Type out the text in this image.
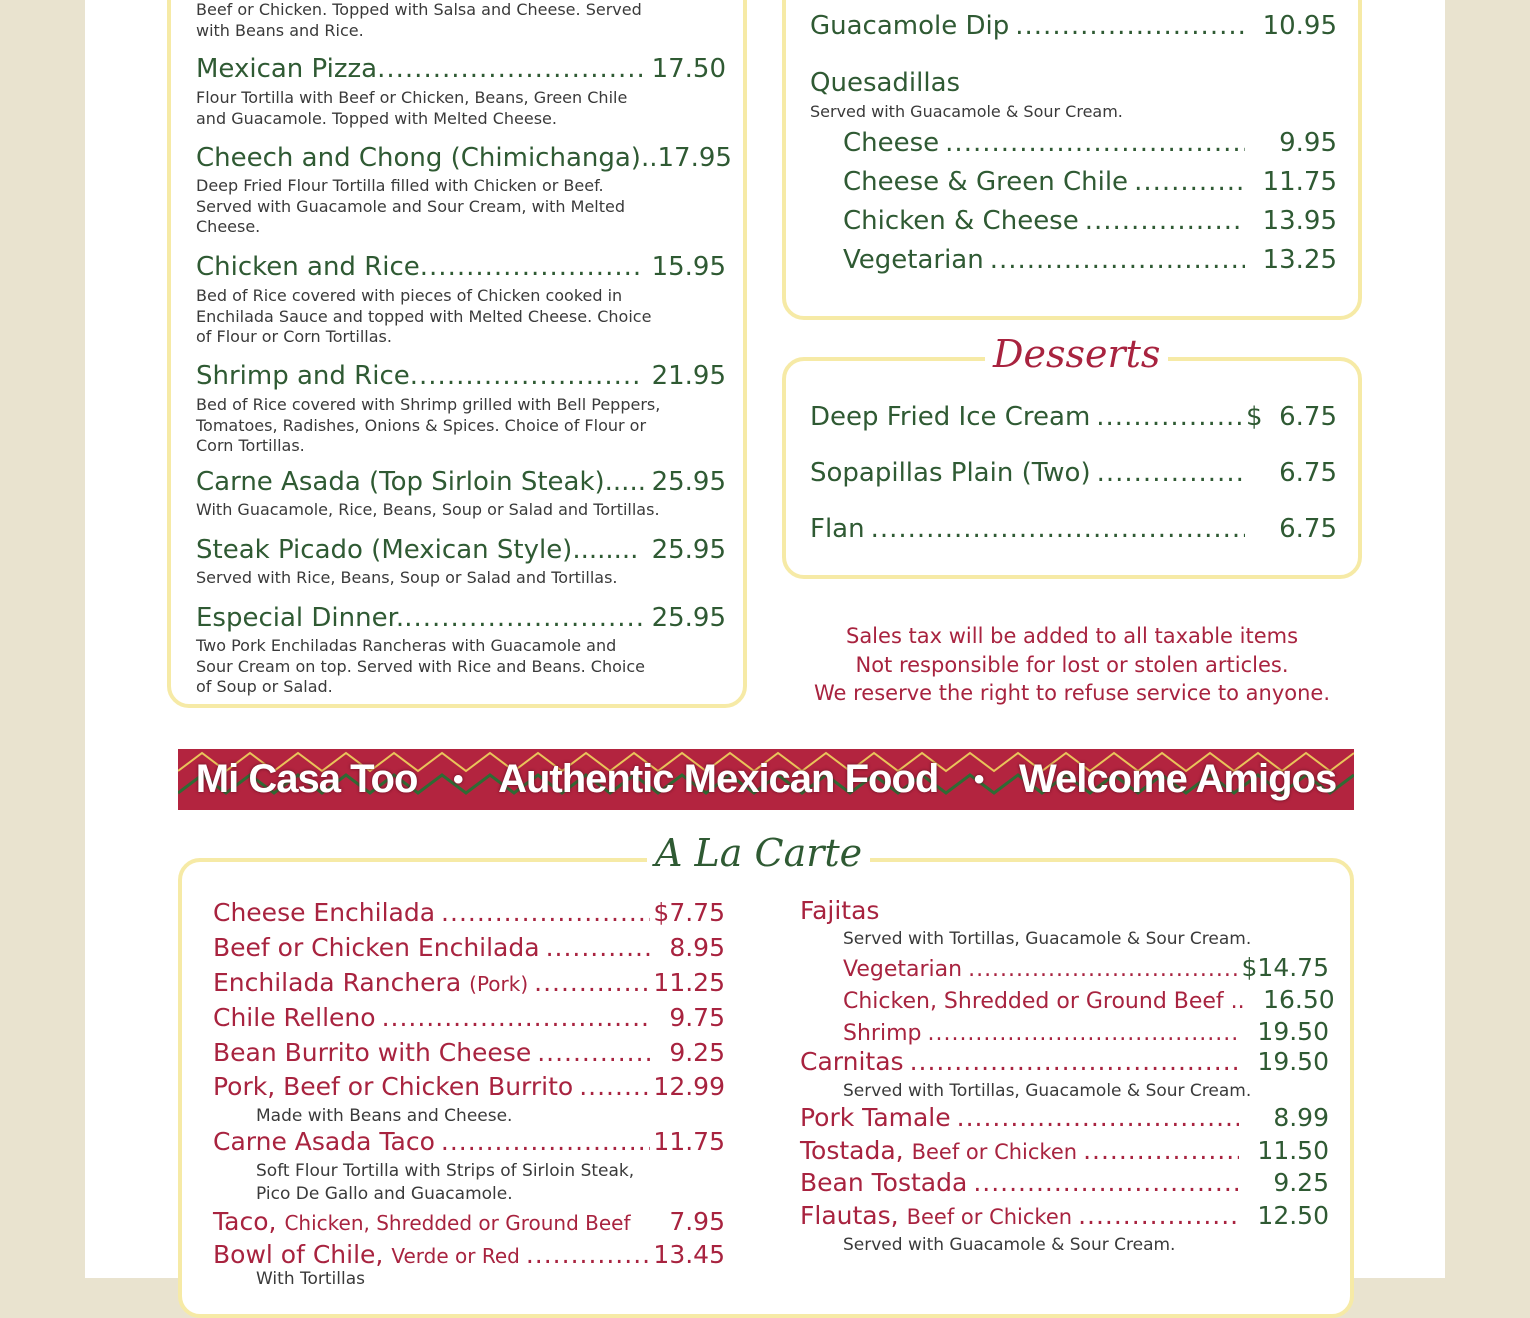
Beef or Chicken. Topped with Salsa and Cheese. Served
with Beans and Rice.
Mexican Pizza .....	17.50
Flour Tortilla with Beef or Chicken, Beans, Green Chile
and Guacamole. Topped with Melted Cheese.
Cheech and Chong (Chimichanga).. 17.95
Deep Fried Flour Tortilla filled with Chicken or Beef.
Served with Guacamole and Sour Cream, with Melted
Cheese.
Chicken and Rice .....	15.95
Bed of Rice covered with pieces of Chicken cooked in
Enchilada Sauce and topped with Melted Cheese. Choice
of Flour or Corn Tortillas.
Shrimp and Rice .....	21.95
Bed of Rice covered with Shrimp grilled with Bell Peppers,
Tomatoes, Radishes, Onions & Spices. Choice of Flour or
Corn Tortillas.
Carne Asada (Top Sirloin Steak)..... 25.95
With Guacamole, Rice, Beans, Soup or Salad and Tortillas.
Steak Picado (Mexican Style)........ 25.95
Served with Rice, Beans, Soup or Salad and Tortillas.
Especial Dinner. .....	25.95
Two Pork Enchiladas Rancheras with Guacamole and
Sour Cream on top. Served with Rice and Beans. Choice
of Soup or Salad.
Guacamole Dip .....	10.95
Quesadillas
Served with Guacamole & Sour Cream.
Cheese .....	9.95
Cheese & Green Chile .....	11.75
Chicken & Cheese .....	13.95
Vegetarian .....	13.25
Desserts
Deep Fried Ice Cream .....	$  6.75
Sopapillas Plain (Two) .....	6.75
Flan .....	6.75
Sales tax will be added to all taxable items
Not responsible for lost or stolen articles.
We reserve the right to refuse service to anyone.
Mi Casa Too • Authentic Mexican Food • Welcome Amigos
A La Carte
Cheese Enchilada .....	$7.75
Beef or Chicken Enchilada .....	8.95
Enchilada Ranchera (Pork) .....	11.25
Chile Relleno .....	9.75
Bean Burrito with Cheese .....	9.25
Pork, Beef or Chicken Burrito .....	12.99
Made with Beans and Cheese.
Carne Asada Taco .....	11.75
Soft Flour Tortilla with Strips of Sirloin Steak,
Pico De Gallo and Guacamole.
Taco, Chicken, Shredded or Ground Beef	7.95
Bowl of Chile, Verde or Red .....	13.45
With Tortillas
Fajitas
Served with Tortillas, Guacamole & Sour Cream.
Vegetarian .....	$14.75
Chicken, Shredded or Ground Beef .. 16.50
Shrimp .....	19.50
Carnitas .....	19.50
Served with Tortillas, Guacamole & Sour Cream.
Pork Tamale .....	8.99
Tostada, Beef or Chicken .....	11.50
Bean Tostada .....	9.25
Flautas, Beef or Chicken .....	12.50
Served with Guacamole & Sour Cream.
